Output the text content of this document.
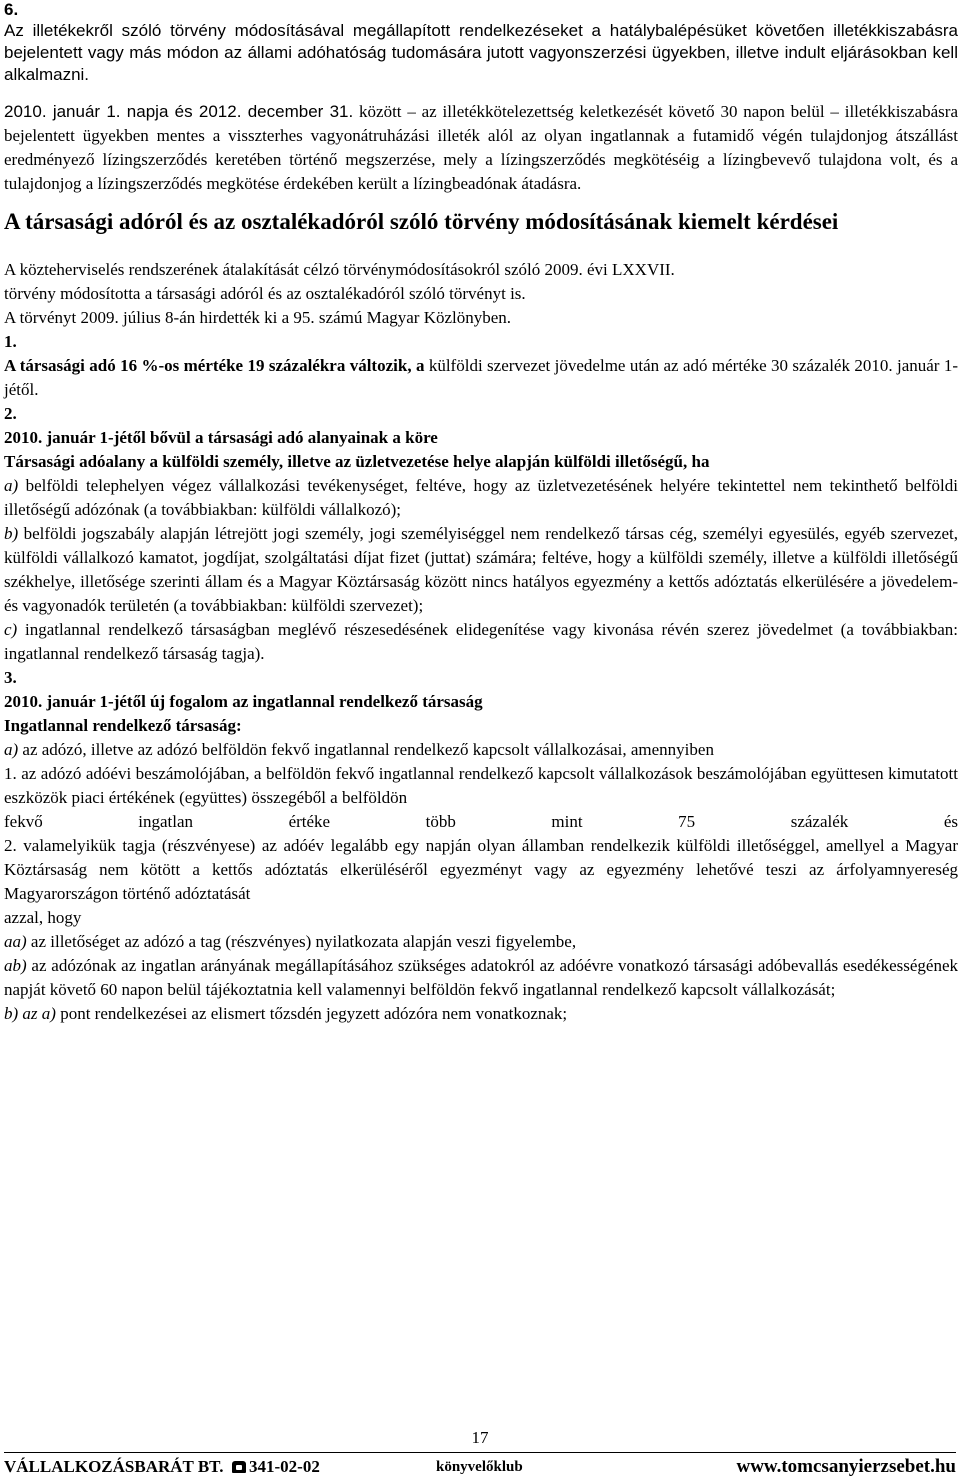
6.

Az illetékekről szóló törvény módosításával megállapított rendelkezéseket a hatálybalépésüket követően illetékkiszabásra bejelentett vagy más módon az állami adóhatóság tudomására jutott vagyonszerzési ügyekben, illetve indult eljárásokban kell alkalmazni.

2010. január 1. napja és 2012. december 31. között – az illetékkötelezettség keletkezését követő 30 napon belül – illetékkiszabásra bejelentett ügyekben mentes a visszterhes vagyonátruházási illeték alól az olyan ingatlannak a futamidő végén tulajdonjog átszállást eredményező lízingszerződés keretében történő megszerzése, mely a lízingszerződés megkötéséig a lízingbevevő tulajdona volt, és a tulajdonjog a lízingszerződés megkötése érdekében került a lízingbeadónak átadásra.

A társasági adóról és az osztalékadóról szóló törvény módosításának kiemelt kérdései

A közteherviselés rendszerének átalakítását célzó törvénymódosításokról szóló 2009. évi LXXVII.
törvény módosította a társasági adóról és az osztalékadóról szóló törvényt is.
A törvényt 2009. július 8-án hirdették ki a 95. számú Magyar Közlönyben.

1.

A társasági adó 16 %-os mértéke 19 százalékra változik, a külföldi szervezet jövedelme után az adó mértéke 30 százalék 2010. január 1-jétől.

2.

2010. január 1-jétől bővül a társasági adó alanyainak a köre

Társasági adóalany a külföldi személy, illetve az üzletvezetése helye alapján külföldi illetőségű, ha

a) belföldi telephelyen végez vállalkozási tevékenységet, feltéve, hogy az üzletvezetésének helyére tekintettel nem tekinthető belföldi illetőségű adózónak (a továbbiakban: külföldi vállalkozó);

b) belföldi jogszabály alapján létrejött jogi személy, jogi személyiséggel nem rendelkező társas cég, személyi egyesülés, egyéb szervezet, külföldi vállalkozó kamatot, jogdíjat, szolgáltatási díjat fizet (juttat) számára; feltéve, hogy a külföldi személy, illetve a külföldi illetőségű székhelye, illetősége szerinti állam és a Magyar Köztársaság között nincs hatályos egyezmény a kettős adóztatás elkerülésére a jövedelem- és vagyonadók területén (a továbbiakban: külföldi szervezet);

c) ingatlannal rendelkező társaságban meglévő részesedésének elidegenítése vagy kivonása révén szerez jövedelmet (a továbbiakban: ingatlannal rendelkező társaság tagja).

3.

2010. január 1-jétől új fogalom az ingatlannal rendelkező társaság

Ingatlannal rendelkező társaság:

a) az adózó, illetve az adózó belföldön fekvő ingatlannal rendelkező kapcsolt vállalkozásai, amennyiben

1. az adózó adóévi beszámolójában, a belföldön fekvő ingatlannal rendelkező kapcsolt vállalkozások beszámolójában együttesen kimutatott eszközök piaci értékének (együttes) összegéből a belföldön
fekvő ingatlan értéke több mint 75 százalék és

2. valamelyikük tagja (részvényese) az adóév legalább egy napján olyan államban rendelkezik külföldi illetőséggel, amellyel a Magyar Köztársaság nem kötött a kettős adóztatás elkerüléséről egyezményt vagy az egyezmény lehetővé teszi az árfolyamnyereség Magyarországon történő adóztatását

azzal, hogy

aa) az illetőséget az adózó a tag (részvényes) nyilatkozata alapján veszi figyelembe,

ab) az adózónak az ingatlan arányának megállapításához szükséges adatokról az adóévre vonatkozó társasági adóbevallás esedékességének napját követő 60 napon belül tájékoztatnia kell valamennyi belföldön fekvő ingatlannal rendelkező kapcsolt vállalkozását;

b) az a) pont rendelkezései az elismert tőzsdén jegyzett adózóra nem vonatkoznak;

17
VÁLLALKOZÁSBARÁT BT.	341-02-02	könyvelőklub	www.tomcsanyierzsebet.hu
